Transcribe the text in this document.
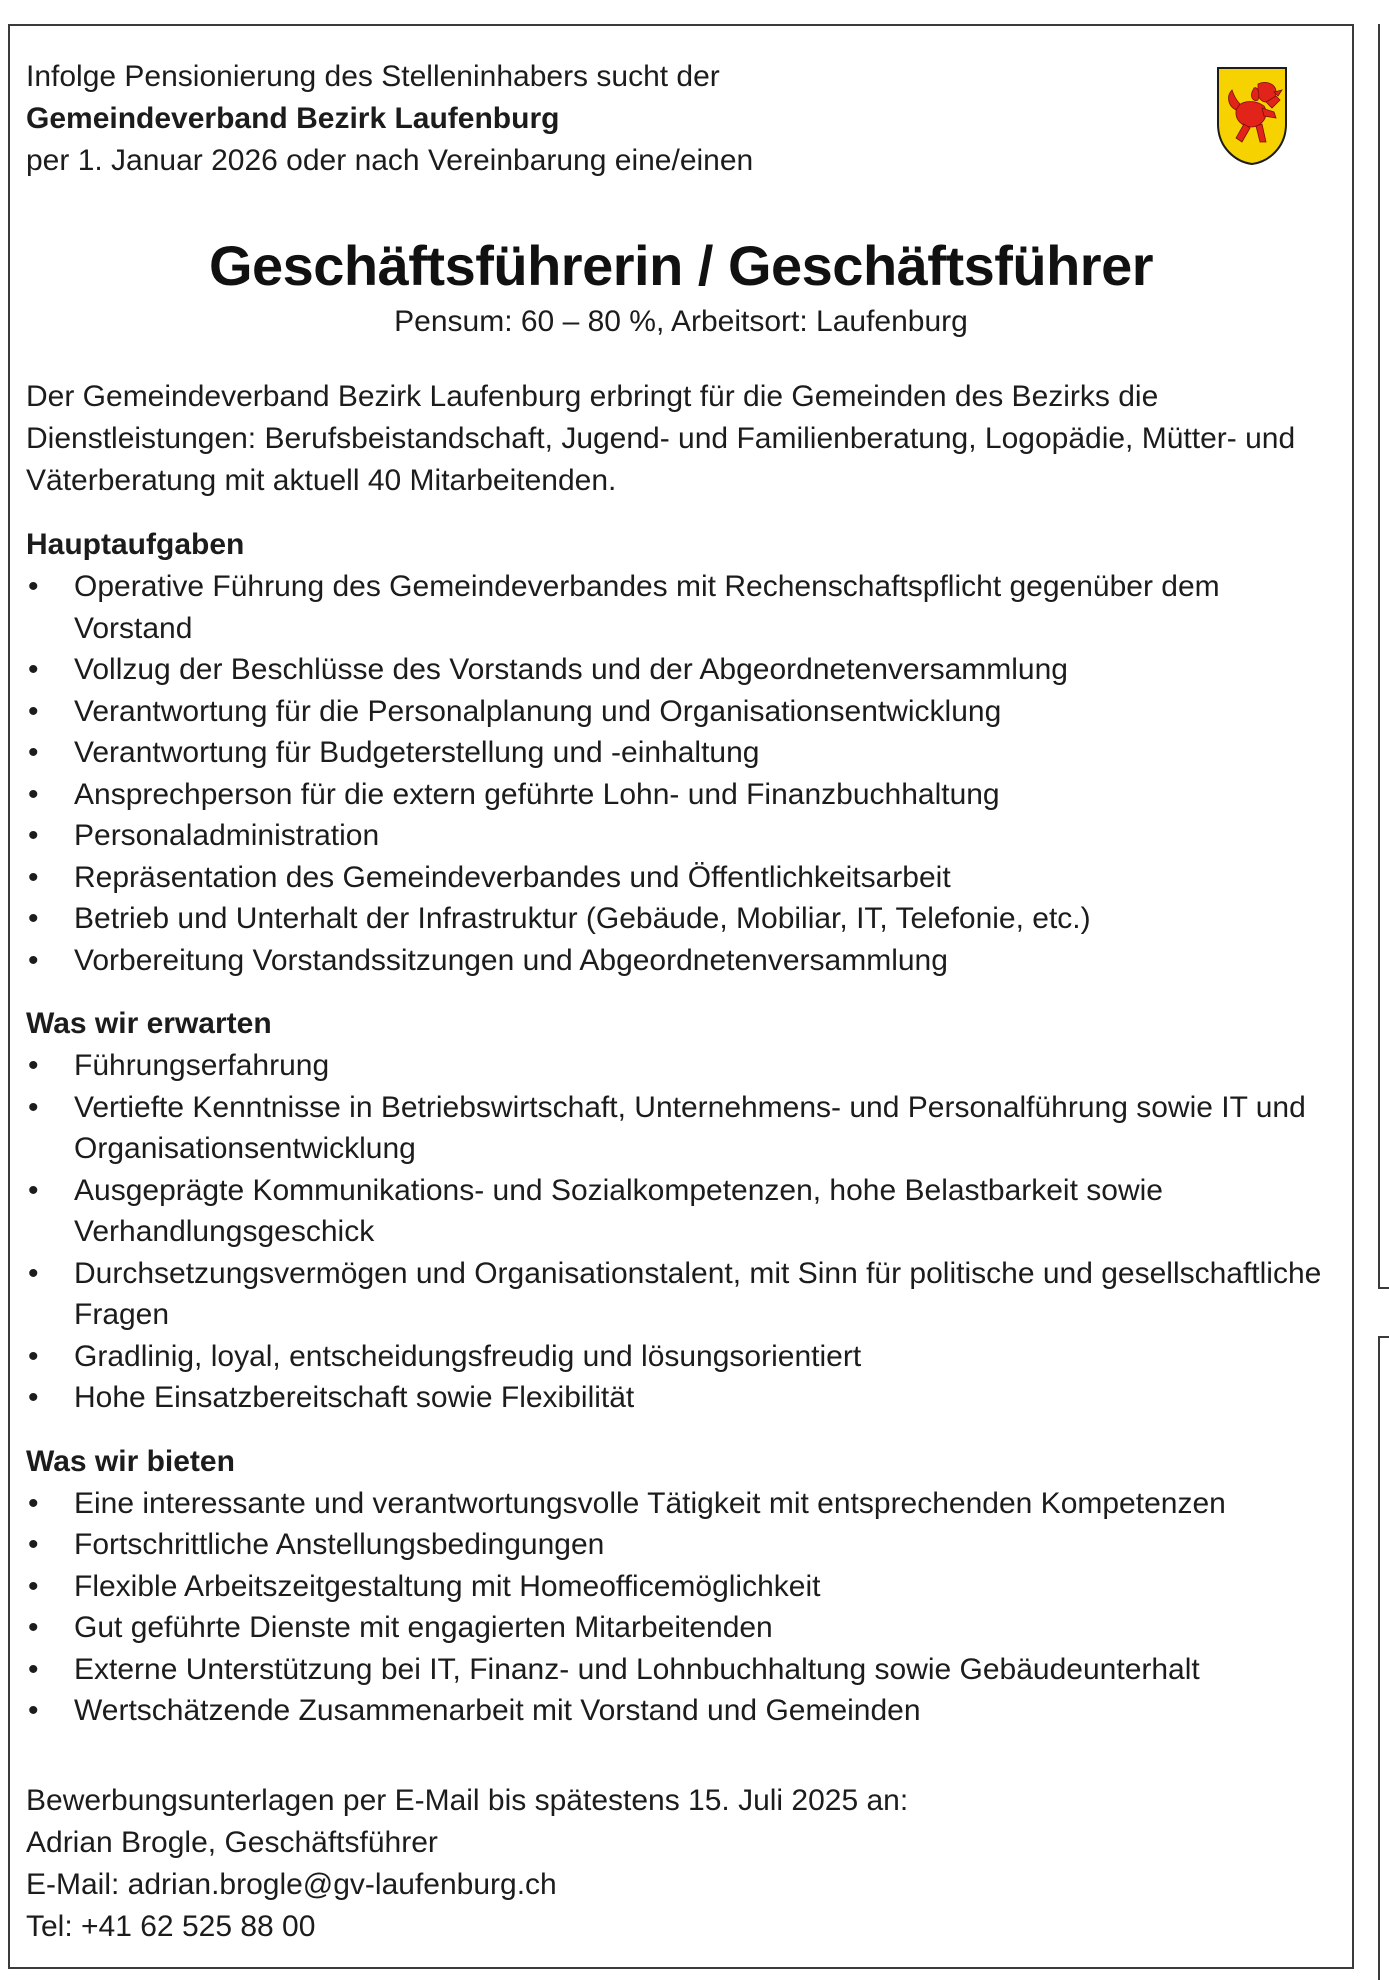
Infolge Pensionierung des Stelleninhabers sucht der
Gemeindeverband Bezirk Laufenburg
per 1. Januar 2026 oder nach Vereinbarung eine/einen

Geschäftsführerin / Geschäftsführer

Pensum: 60 – 80 %, Arbeitsort: Laufenburg

Der Gemeindeverband Bezirk Laufenburg erbringt für die Gemeinden des Bezirks die Dienstleistungen: Berufsbeistandschaft, Jugend- und Familienberatung, Logopädie, Mütter- und Väterberatung mit aktuell 40 Mitarbeitenden.

Hauptaufgaben
• Operative Führung des Gemeindeverbandes mit Rechenschaftspflicht gegenüber dem Vorstand
• Vollzug der Beschlüsse des Vorstands und der Abgeordnetenversammlung
• Verantwortung für die Personalplanung und Organisationsentwicklung
• Verantwortung für Budgeterstellung und -einhaltung
• Ansprechperson für die extern geführte Lohn- und Finanzbuchhaltung
• Personaladministration
• Repräsentation des Gemeindeverbandes und Öffentlichkeitsarbeit
• Betrieb und Unterhalt der Infrastruktur (Gebäude, Mobiliar, IT, Telefonie, etc.)
• Vorbereitung Vorstandssitzungen und Abgeordnetenversammlung
Was wir erwarten
• Führungserfahrung
• Vertiefte Kenntnisse in Betriebswirtschaft, Unternehmens- und Personalführung sowie IT und Organisationsentwicklung
• Ausgeprägte Kommunikations- und Sozialkompetenzen, hohe Belastbarkeit sowie Verhandlungsgeschick
• Durchsetzungsvermögen und Organisationstalent, mit Sinn für politische und gesellschaftliche Fragen
• Gradlinig, loyal, entscheidungsfreudig und lösungsorientiert
• Hohe Einsatzbereitschaft sowie Flexibilität
Was wir bieten
• Eine interessante und verantwortungsvolle Tätigkeit mit entsprechenden Kompetenzen
• Fortschrittliche Anstellungsbedingungen
• Flexible Arbeitszeitgestaltung mit Homeofficemöglichkeit
• Gut geführte Dienste mit engagierten Mitarbeitenden
• Externe Unterstützung bei IT, Finanz- und Lohnbuchhaltung sowie Gebäudeunterhalt
• Wertschätzende Zusammenarbeit mit Vorstand und Gemeinden
Bewerbungsunterlagen per E-Mail bis spätestens 15. Juli 2025 an:
Adrian Brogle, Geschäftsführer
E-Mail: adrian.brogle@gv-laufenburg.ch
Tel: +41 62 525 88 00
